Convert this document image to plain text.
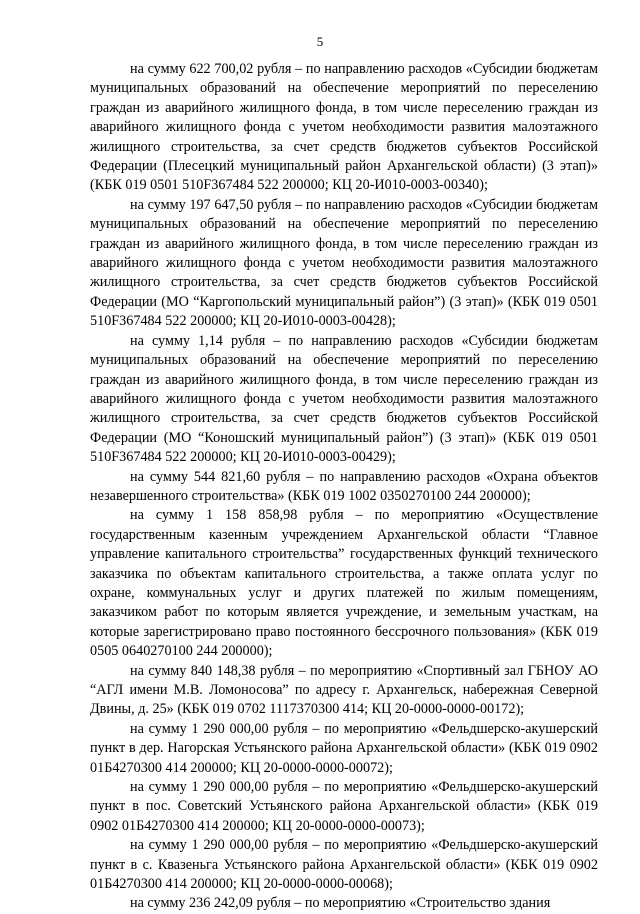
5

на сумму 622 700,02 рубля – по направлению расходов «Субсидии бюджетам муниципальных образований на обеспечение мероприятий по переселению граждан из аварийного жилищного фонда, в том числе переселению граждан из аварийного жилищного фонда с учетом необходимости развития малоэтажного жилищного строительства, за счет средств бюджетов субъектов Российской Федерации (Плесецкий муниципальный район Архангельской области) (3 этап)» (КБК 019 0501 510F367484 522 200000; КЦ 20-И010-0003-00340);

на сумму 197 647,50 рубля – по направлению расходов «Субсидии бюджетам муниципальных образований на обеспечение мероприятий по переселению граждан из аварийного жилищного фонда, в том числе переселению граждан из аварийного жилищного фонда с учетом необходимости развития малоэтажного жилищного строительства, за счет средств бюджетов субъектов Российской Федерации (МО “Каргопольский муниципальный район”) (3 этап)» (КБК 019 0501 510F367484 522 200000; КЦ 20-И010-0003-00428);

на сумму 1,14 рубля – по направлению расходов «Субсидии бюджетам муниципальных образований на обеспечение мероприятий по переселению граждан из аварийного жилищного фонда, в том числе переселению граждан из аварийного жилищного фонда с учетом необходимости развития малоэтажного жилищного строительства, за счет средств бюджетов субъектов Российской Федерации (МО “Коношский муниципальный район”) (3 этап)» (КБК 019 0501 510F367484 522 200000; КЦ 20-И010-0003-00429);

на сумму 544 821,60 рубля – по направлению расходов «Охрана объектов незавершенного строительства» (КБК 019 1002 0350270100 244 200000);

на сумму 1 158 858,98 рубля – по мероприятию «Осуществление государственным казенным учреждением Архангельской области “Главное управление капитального строительства” государственных функций технического заказчика по объектам капитального строительства, а также оплата услуг по охране, коммунальных услуг и других платежей по жилым помещениям, заказчиком работ по которым является учреждение, и земельным участкам, на которые зарегистрировано право постоянного бессрочного пользования» (КБК 019 0505 0640270100 244 200000);

на сумму 840 148,38 рубля – по мероприятию «Спортивный зал ГБНОУ АО “АГЛ имени М.В. Ломоносова” по адресу г. Архангельск, набережная Северной Двины, д. 25» (КБК 019 0702 1117370300 414; КЦ 20-0000-0000-00172);

на сумму 1 290 000,00 рубля – по мероприятию «Фельдшерско-акушерский пункт в дер. Нагорская Устьянского района Архангельской области» (КБК 019 0902 01Б4270300 414 200000; КЦ 20-0000-0000-00072);

на сумму 1 290 000,00 рубля – по мероприятию «Фельдшерско-акушерский пункт в пос. Советский Устьянского района Архангельской области» (КБК 019 0902 01Б4270300 414 200000; КЦ 20-0000-0000-00073);

на сумму 1 290 000,00 рубля – по мероприятию «Фельдшерско-акушерский пункт в с. Квазеньга Устьянского района Архангельской области» (КБК 019 0902 01Б4270300 414 200000; КЦ 20-0000-0000-00068);

на сумму 236 242,09 рубля – по мероприятию «Строительство здания
